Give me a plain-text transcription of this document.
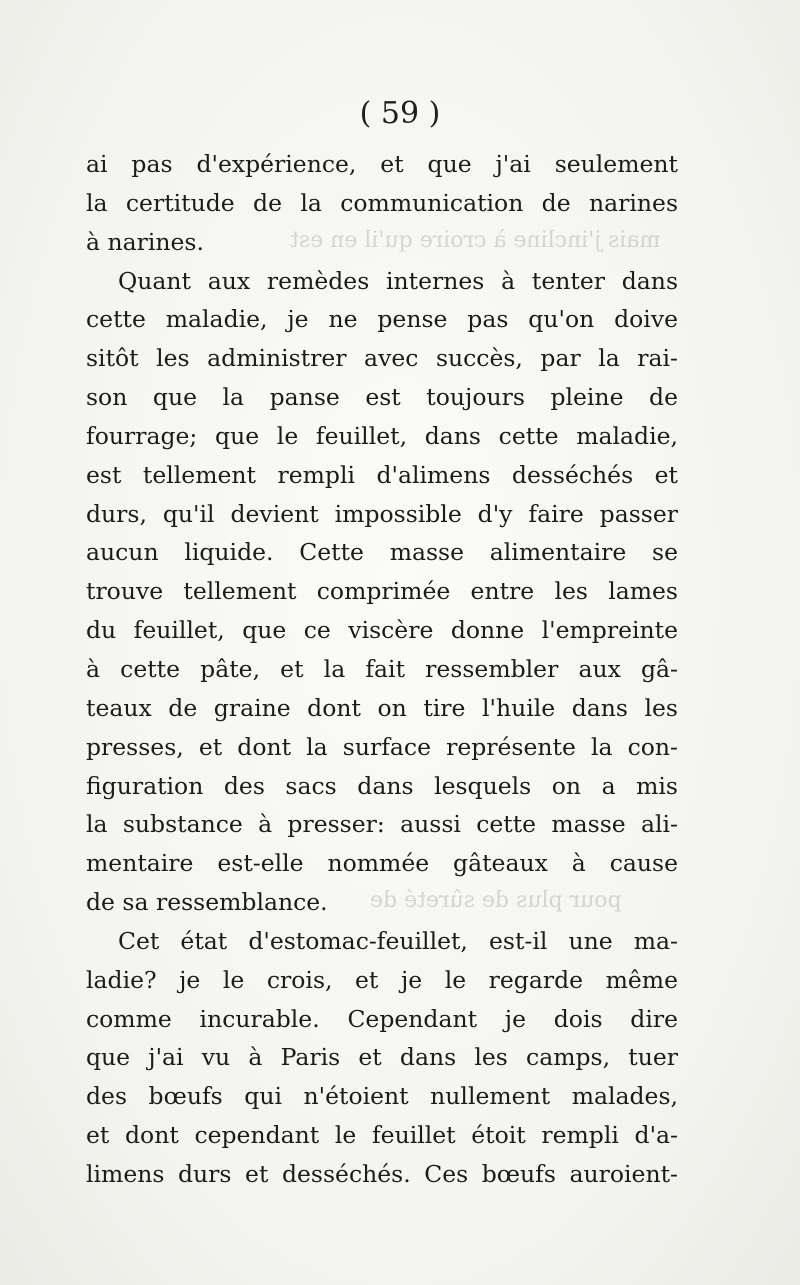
( 59 )
mais j'incline à croire qu'il en est
pour plus de sûreté de
ai pas d'expérience, et que j'ai seulement
la certitude de la communication de narines
à narines.
Quant aux remèdes internes à tenter dans
cette maladie, je ne pense pas qu'on doive
sitôt les administrer avec succès, par la rai-
son que la panse est toujours pleine de
fourrage; que le feuillet, dans cette maladie,
est tellement rempli d'alimens desséchés et
durs, qu'il devient impossible d'y faire passer
aucun liquide. Cette masse alimentaire se
trouve tellement comprimée entre les lames
du feuillet, que ce viscère donne l'empreinte
à cette pâte, et la fait ressembler aux gâ-
teaux de graine dont on tire l'huile dans les
presses, et dont la surface représente la con-
figuration des sacs dans lesquels on a mis
la substance à presser: aussi cette masse ali-
mentaire est-elle nommée gâteaux à cause
de sa ressemblance.
Cet état d'estomac-feuillet, est-il une ma-
ladie? je le crois, et je le regarde même
comme incurable. Cependant je dois dire
que j'ai vu à Paris et dans les camps, tuer
des bœufs qui n'étoient nullement malades,
et dont cependant le feuillet étoit rempli d'a-
limens durs et desséchés. Ces bœufs auroient-
